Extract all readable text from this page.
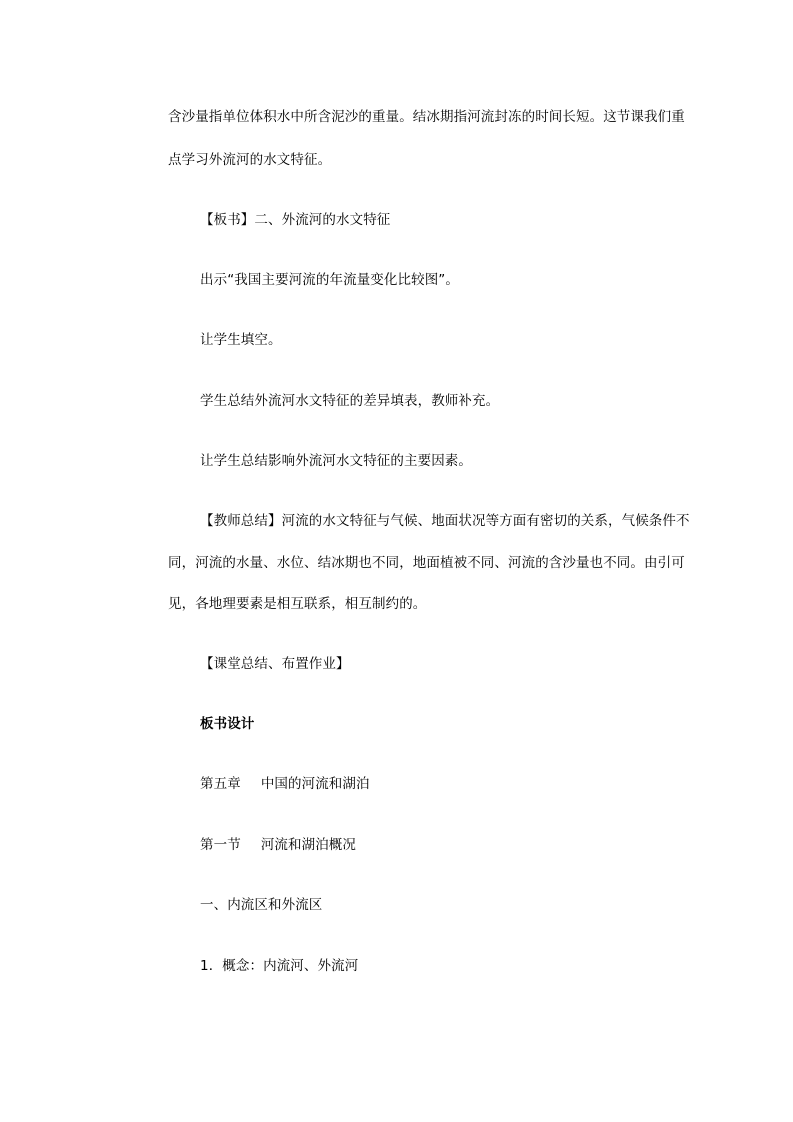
含沙量指单位体积水中所含泥沙的重量。结冰期指河流封冻的时间长短。这节课我们重
点学习外流河的水文特征。
【板书】二、外流河的水文特征
出示“我国主要河流的年流量变化比较图”。
让学生填空。
学生总结外流河水文特征的差异填表，教师补充。
让学生总结影响外流河水文特征的主要因素。
【教师总结】河流的水文特征与气候、地面状况等方面有密切的关系，气候条件不
同，河流的水量、水位、结冰期也不同，地面植被不同、河流的含沙量也不同。由引可
见，各地理要素是相互联系，相互制约的。
【课堂总结、布置作业】
板书设计
第五章 中国的河流和湖泊
第一节 河流和湖泊概况
一、内流区和外流区
1．概念：内流河、外流河
